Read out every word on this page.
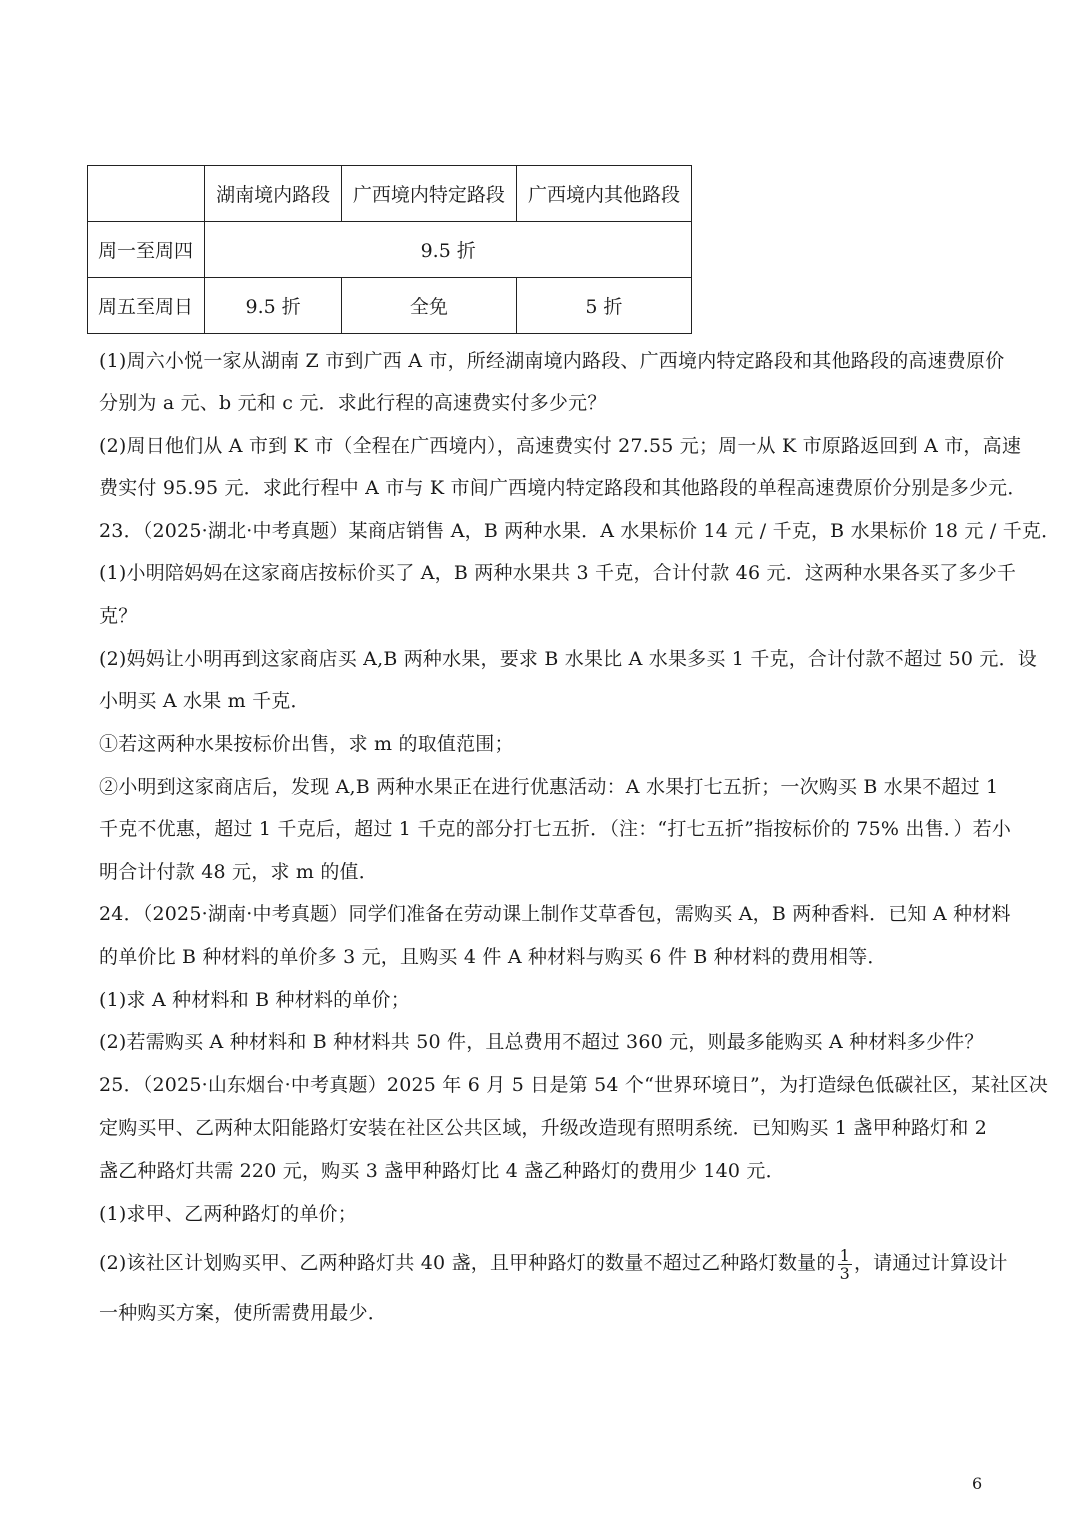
	湖南境内路段	广西境内特定路段	广西境内其他路段
周一至周四	9.5 折		
周五至周日	9.5 折	全免	5 折
(1)周六小悦一家从湖南 Z 市到广西 A 市，所经湖南境内路段、广西境内特定路段和其他路段的高速费原价
分别为 a 元、b 元和 c 元．求此行程的高速费实付多少元？
(2)周日他们从 A 市到 K 市（全程在广西境内），高速费实付 27.55 元；周一从 K 市原路返回到 A 市，高速
费实付 95.95 元．求此行程中 A 市与 K 市间广西境内特定路段和其他路段的单程高速费原价分别是多少元．
23．（2025·湖北·中考真题）某商店销售 A，B 两种水果．A 水果标价 14 元 / 千克，B 水果标价 18 元 / 千克．
(1)小明陪妈妈在这家商店按标价买了 A，B 两种水果共 3 千克，合计付款 46 元．这两种水果各买了多少千
克？
(2)妈妈让小明再到这家商店买 A,B 两种水果，要求 B 水果比 A 水果多买 1 千克，合计付款不超过 50 元．设
小明买 A 水果 m 千克．
①若这两种水果按标价出售，求 m 的取值范围；
②小明到这家商店后，发现 A,B 两种水果正在进行优惠活动：A 水果打七五折；一次购买 B 水果不超过 1
千克不优惠，超过 1 千克后，超过 1 千克的部分打七五折．（注：“打七五折”指按标价的 75% 出售．）若小
明合计付款 48 元，求 m 的值．
24．（2025·湖南·中考真题）同学们准备在劳动课上制作艾草香包，需购买 A，B 两种香料．已知 A 种材料
的单价比 B 种材料的单价多 3 元，且购买 4 件 A 种材料与购买 6 件 B 种材料的费用相等．
(1)求 A 种材料和 B 种材料的单价；
(2)若需购买 A 种材料和 B 种材料共 50 件，且总费用不超过 360 元，则最多能购买 A 种材料多少件？
25．（2025·山东烟台·中考真题）2025 年 6 月 5 日是第 54 个“世界环境日”，为打造绿色低碳社区，某社区决
定购买甲、乙两种太阳能路灯安装在社区公共区域，升级改造现有照明系统．已知购买 1 盏甲种路灯和 2
盏乙种路灯共需 220 元，购买 3 盏甲种路灯比 4 盏乙种路灯的费用少 140 元．
(1)求甲、乙两种路灯的单价；
(2)该社区计划购买甲、乙两种路灯共 40 盏，且甲种路灯的数量不超过乙种路灯数量的 $\frac{1}{3}$ ，请通过计算设计
一种购买方案，使所需费用最少．
6
